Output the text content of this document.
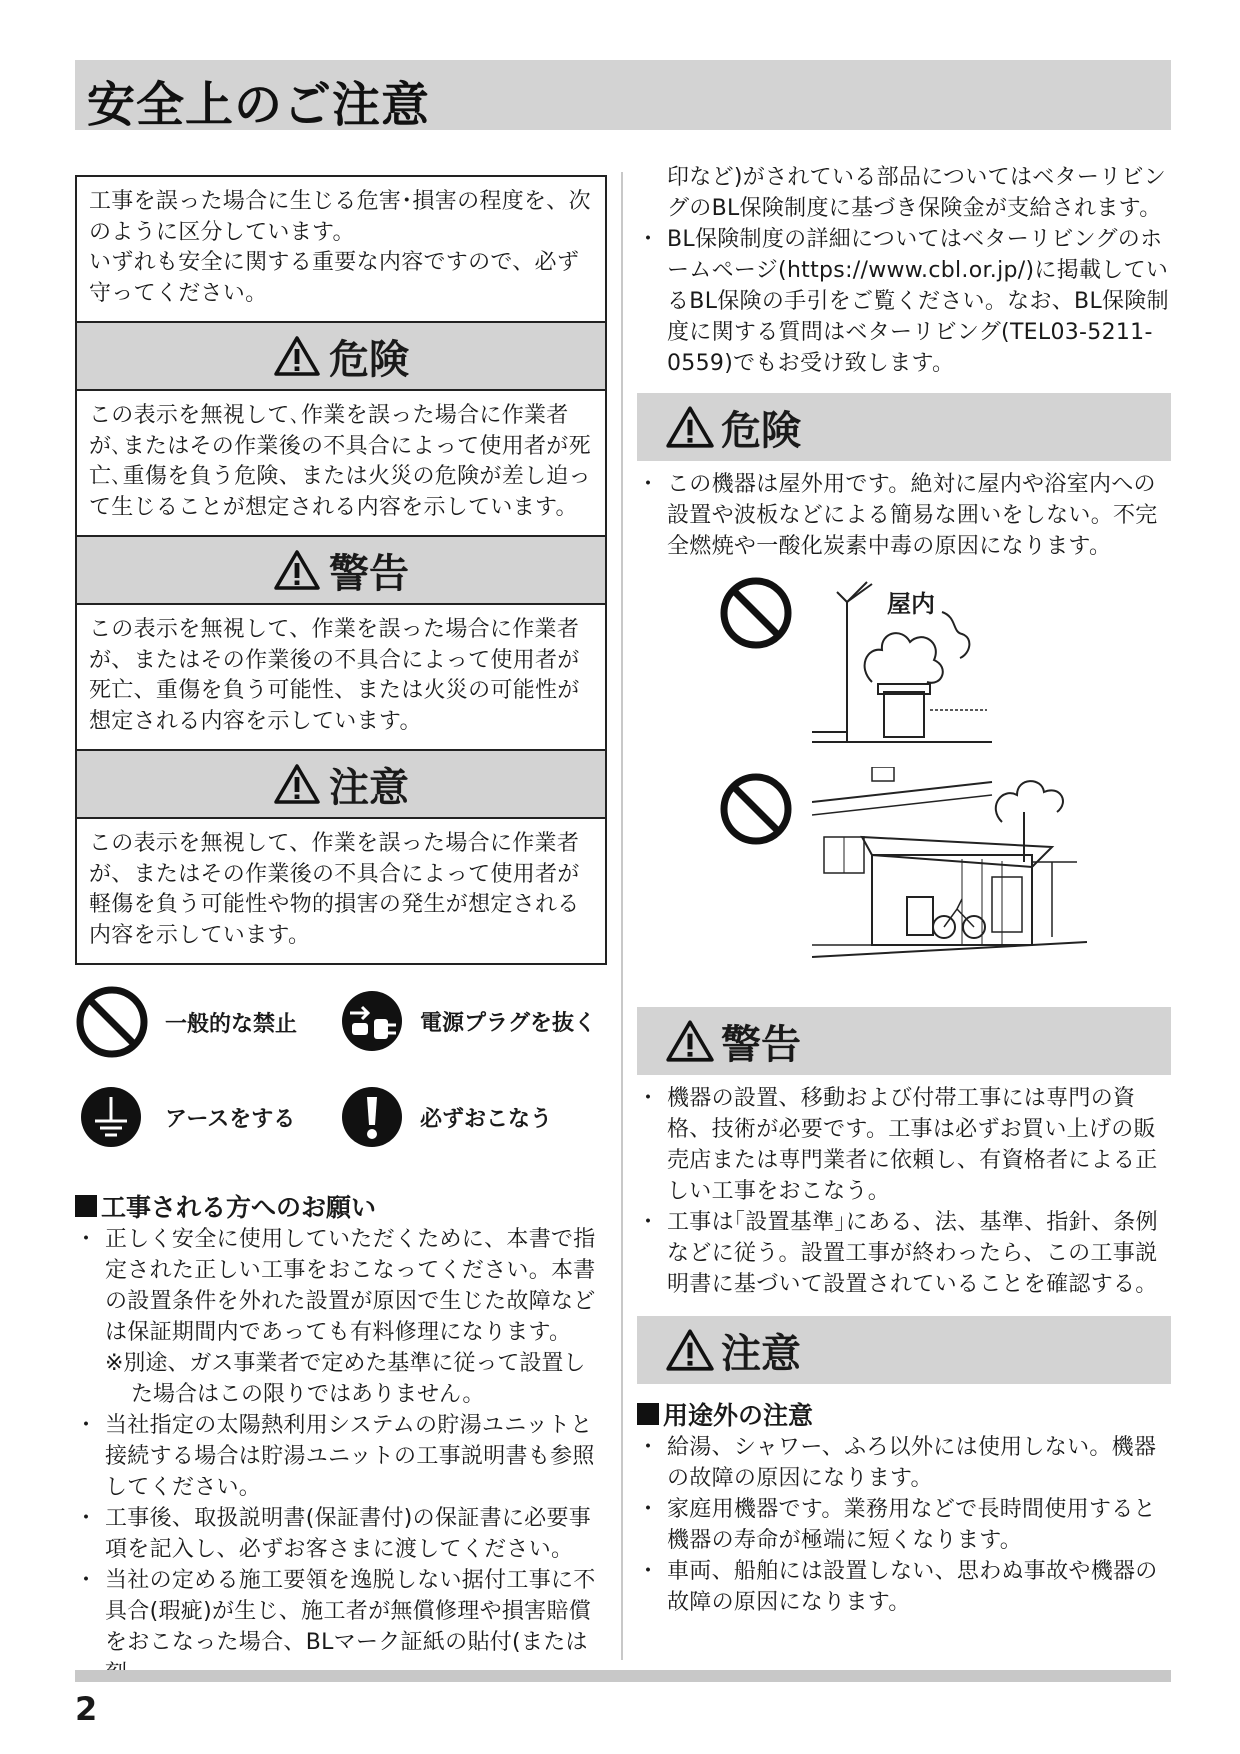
安全上のご注意
工事を誤った場合に生じる危害･損害の程度を、次のように区分しています。
いずれも安全に関する重要な内容ですので、必ず守ってください。
危険
この表示を無視して､作業を誤った場合に作業者が､またはその作業後の不具合によって使用者が死亡､重傷を負う危険、または火災の危険が差し迫って生じることが想定される内容を示しています。
警告
この表示を無視して、作業を誤った場合に作業者が、またはその作業後の不具合によって使用者が死亡、重傷を負う可能性、または火災の可能性が想定される内容を示しています。
注意
この表示を無視して、作業を誤った場合に作業者が、またはその作業後の不具合によって使用者が軽傷を負う可能性や物的損害の発生が想定される内容を示しています。
一般的な禁止	電源プラグを抜く
アースをする	必ずおこなう
工事される方へのお願い
・ 正しく安全に使用していただくために、本書で指定された正しい工事をおこなってください。本書の設置条件を外れた設置が原因で生じた故障などは保証期間内であっても有料修理になります。
※別途、ガス事業者で定めた基準に従って設置した場合はこの限りではありません。
・ 当社指定の太陽熱利用システムの貯湯ユニットと接続する場合は貯湯ユニットの工事説明書も参照してください。
・ 工事後、取扱説明書(保証書付)の保証書に必要事項を記入し、必ずお客さまに渡してください。
・ 当社の定める施工要領を逸脱しない据付工事に不具合(瑕疵)が生じ、施工者が無償修理や損害賠償をおこなった場合、BLマーク証紙の貼付(または
印など)がされている部品についてはベターリビングのBL保険制度に基づき保険金が支給されます。
・ BL保険制度の詳細についてはベターリビングのホームページ(https://www.cbl.or.jp/)に掲載しているBL保険の手引をご覧ください。なお、BL保険制度に関する質問はベターリビング(TEL03-5211-0559)でもお受け致します。
危険
・ この機器は屋外用です。絶対に屋内や浴室内への設置や波板などによる簡易な囲いをしない。不完全燃焼や一酸化炭素中毒の原因になります。
屋内
警告
・ 機器の設置、移動および付帯工事には専門の資格、技術が必要です。工事は必ずお買い上げの販売店または専門業者に依頼し、有資格者による正しい工事をおこなう。
・ 工事は｢設置基準｣にある、法、基準、指針、条例などに従う。設置工事が終わったら、この工事説明書に基づいて設置されていることを確認する。
注意
用途外の注意
・ 給湯、シャワー、ふろ以外には使用しない。機器の故障の原因になります。
・ 家庭用機器です。業務用などで長時間使用すると機器の寿命が極端に短くなります。
・ 車両、船舶には設置しない、思わぬ事故や機器の故障の原因になります。
2
